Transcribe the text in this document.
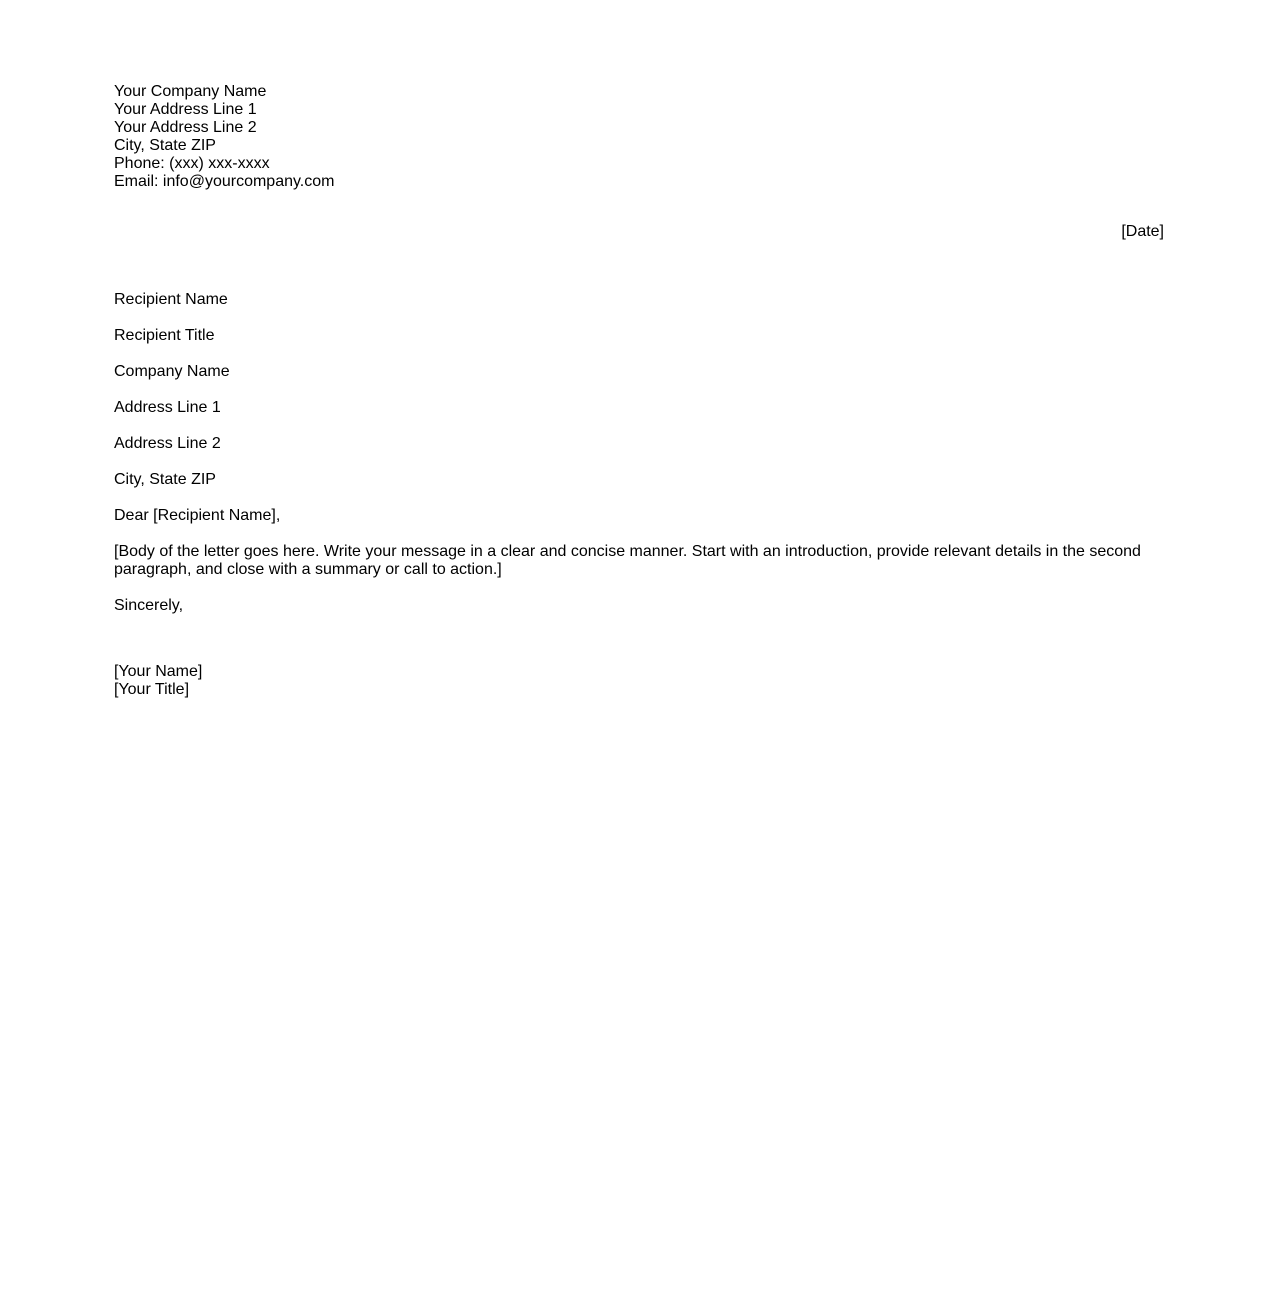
Your Company Name
Your Address Line 1
Your Address Line 2
City, State ZIP
Phone: (xxx) xxx-xxxx
Email: info@yourcompany.com
[Date]

Recipient Name

Recipient Title

Company Name

Address Line 1

Address Line 2

City, State ZIP

Dear [Recipient Name],

[Body of the letter goes here. Write your message in a clear and concise manner. Start with an introduction, provide relevant details in the second paragraph, and close with a summary or call to action.]

Sincerely,

[Your Name]
[Your Title]
